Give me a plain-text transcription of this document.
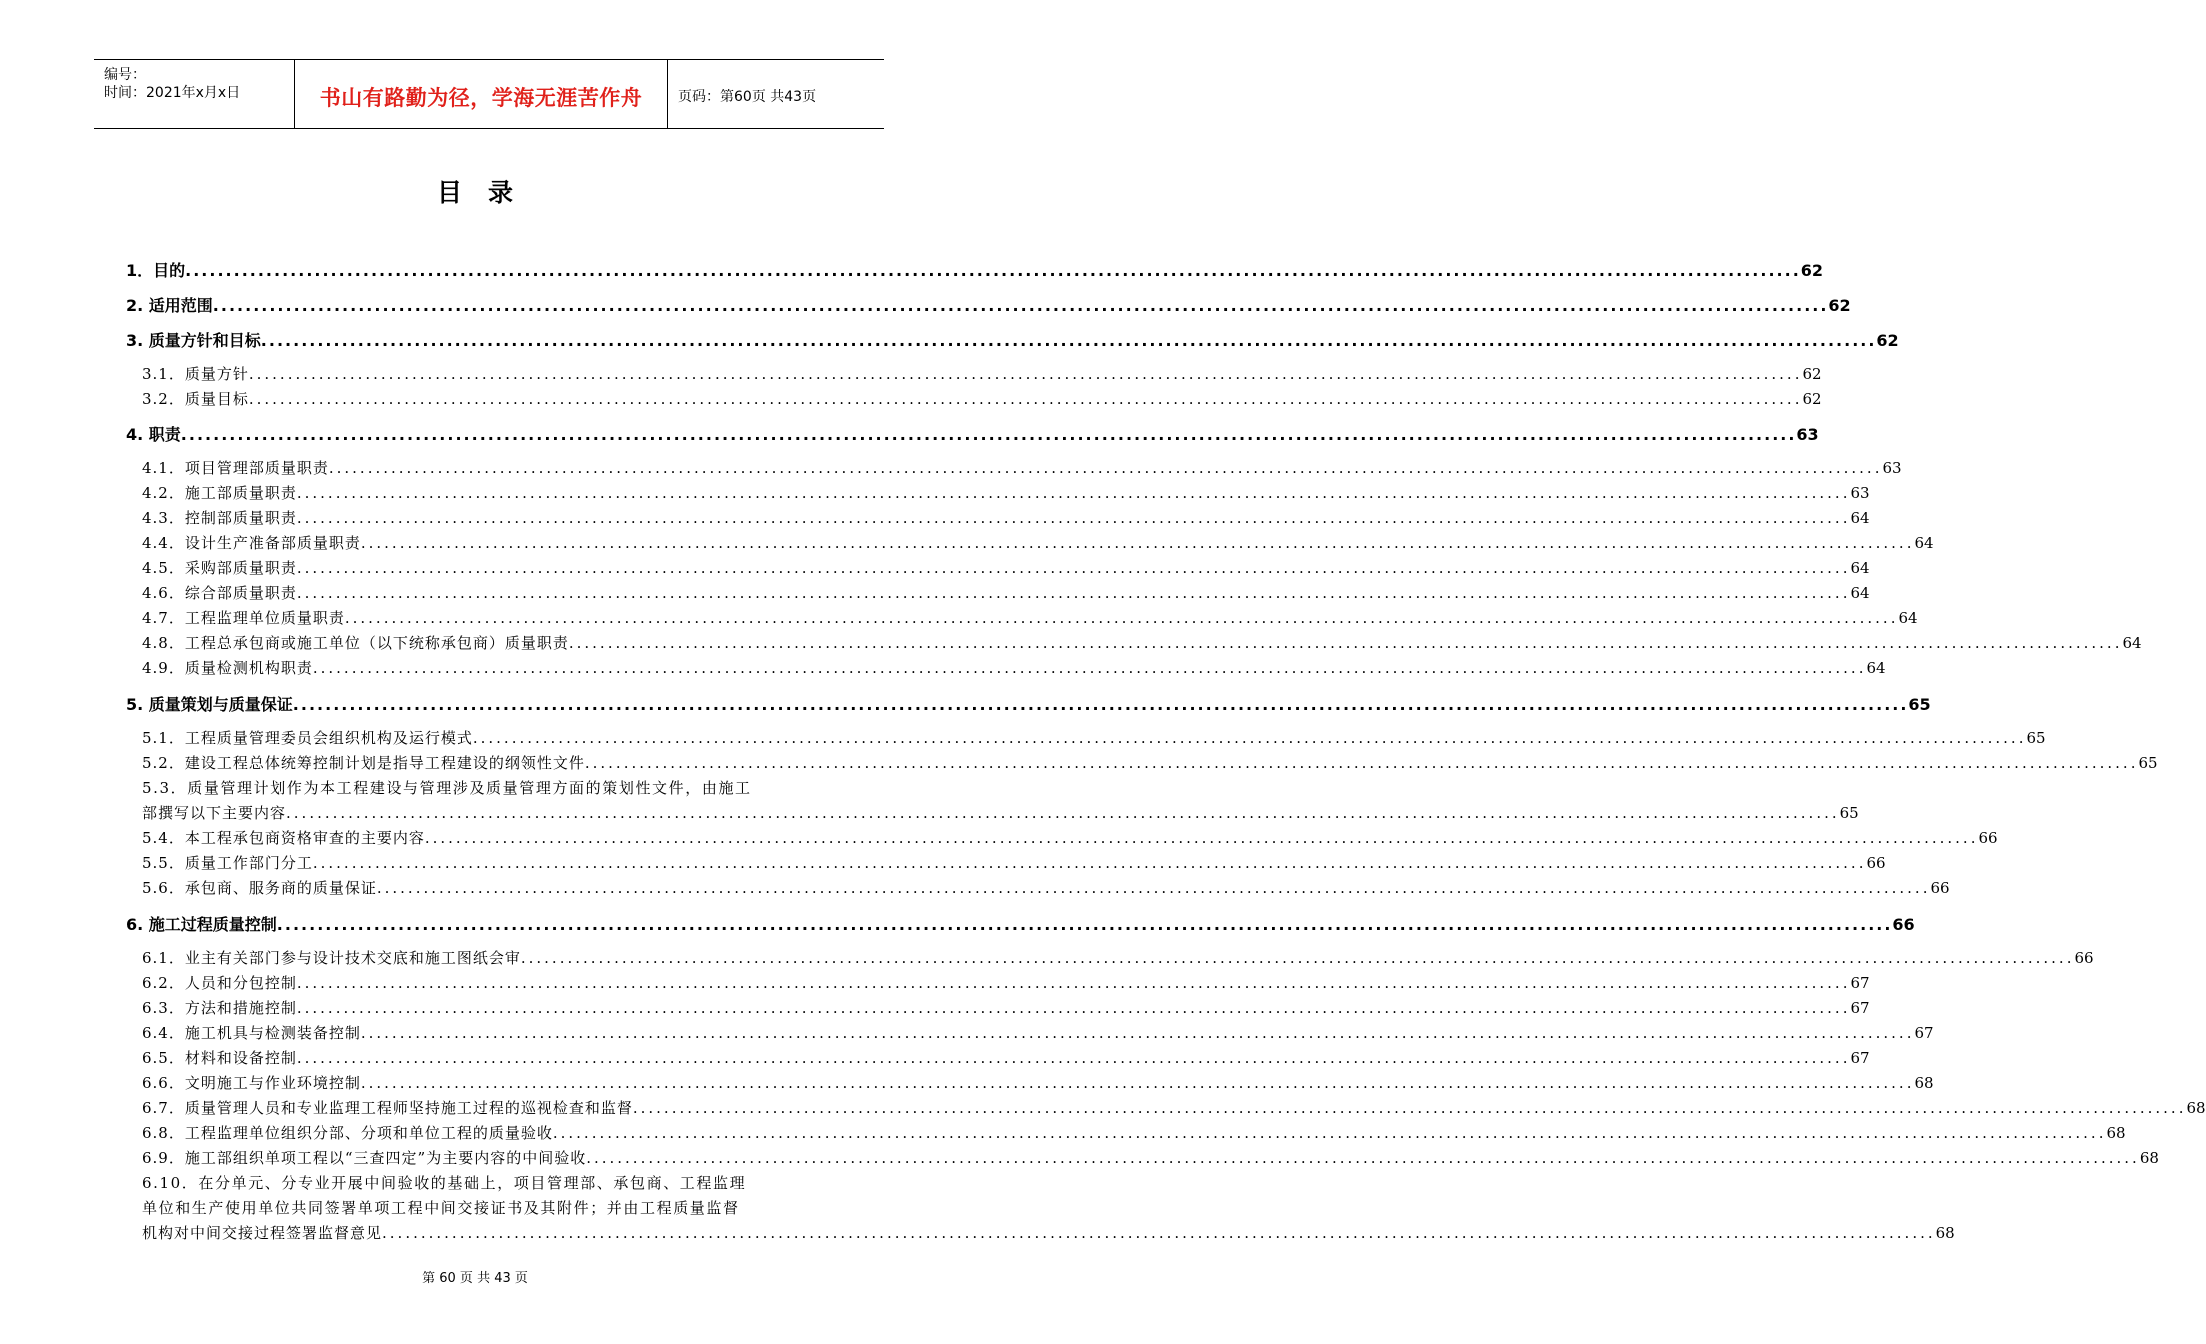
编号：
时间：2021年x月x日	书山有路勤为径，学海无涯苦作舟	页码：第60页 共43页
目录
1．目的 ........................................................................................................................................................................................................ 62
2. 适用范围 ........................................................................................................................................................................................................ 62
3. 质量方针和目标 ........................................................................................................................................................................................................ 62
3.1．质量方针 ........................................................................................................................................................................................................ 62
3.2．质量目标 ........................................................................................................................................................................................................ 62
4. 职责 ........................................................................................................................................................................................................ 63
4.1．项目管理部质量职责 ........................................................................................................................................................................................................ 63
4.2．施工部质量职责 ........................................................................................................................................................................................................ 63
4.3．控制部质量职责 ........................................................................................................................................................................................................ 64
4.4．设计生产准备部质量职责 ........................................................................................................................................................................................................ 64
4.5．采购部质量职责 ........................................................................................................................................................................................................ 64
4.6．综合部质量职责 ........................................................................................................................................................................................................ 64
4.7．工程监理单位质量职责 ........................................................................................................................................................................................................ 64
4.8．工程总承包商或施工单位（以下统称承包商）质量职责 ........................................................................................................................................................................................................ 64
4.9．质量检测机构职责 ........................................................................................................................................................................................................ 64
5. 质量策划与质量保证 ........................................................................................................................................................................................................ 65
5.1．工程质量管理委员会组织机构及运行模式 ........................................................................................................................................................................................................ 65
5.2．建设工程总体统筹控制计划是指导工程建设的纲领性文件 ........................................................................................................................................................................................................ 65
5.3．质量管理计划作为本工程建设与管理涉及质量管理方面的策划性文件，由施工
部撰写以下主要内容 ........................................................................................................................................................................................................ 65
5.4．本工程承包商资格审查的主要内容 ........................................................................................................................................................................................................ 66
5.5．质量工作部门分工 ........................................................................................................................................................................................................ 66
5.6．承包商、服务商的质量保证 ........................................................................................................................................................................................................ 66
6. 施工过程质量控制 ........................................................................................................................................................................................................ 66
6.1．业主有关部门参与设计技术交底和施工图纸会审 ........................................................................................................................................................................................................ 66
6.2．人员和分包控制 ........................................................................................................................................................................................................ 67
6.3．方法和措施控制 ........................................................................................................................................................................................................ 67
6.4．施工机具与检测装备控制 ........................................................................................................................................................................................................ 67
6.5．材料和设备控制 ........................................................................................................................................................................................................ 67
6.6．文明施工与作业环境控制 ........................................................................................................................................................................................................ 68
6.7．质量管理人员和专业监理工程师坚持施工过程的巡视检查和监督 ........................................................................................................................................................................................................ 68
6.8．工程监理单位组织分部、分项和单位工程的质量验收 ........................................................................................................................................................................................................ 68
6.9．施工部组织单项工程以“三查四定”为主要内容的中间验收 ........................................................................................................................................................................................................ 68
6.10．在分单元、分专业开展中间验收的基础上，项目管理部、承包商、工程监理
单位和生产使用单位共同签署单项工程中间交接证书及其附件；并由工程质量监督
机构对中间交接过程签署监督意见 ........................................................................................................................................................................................................ 68
第 60 页 共 43 页
